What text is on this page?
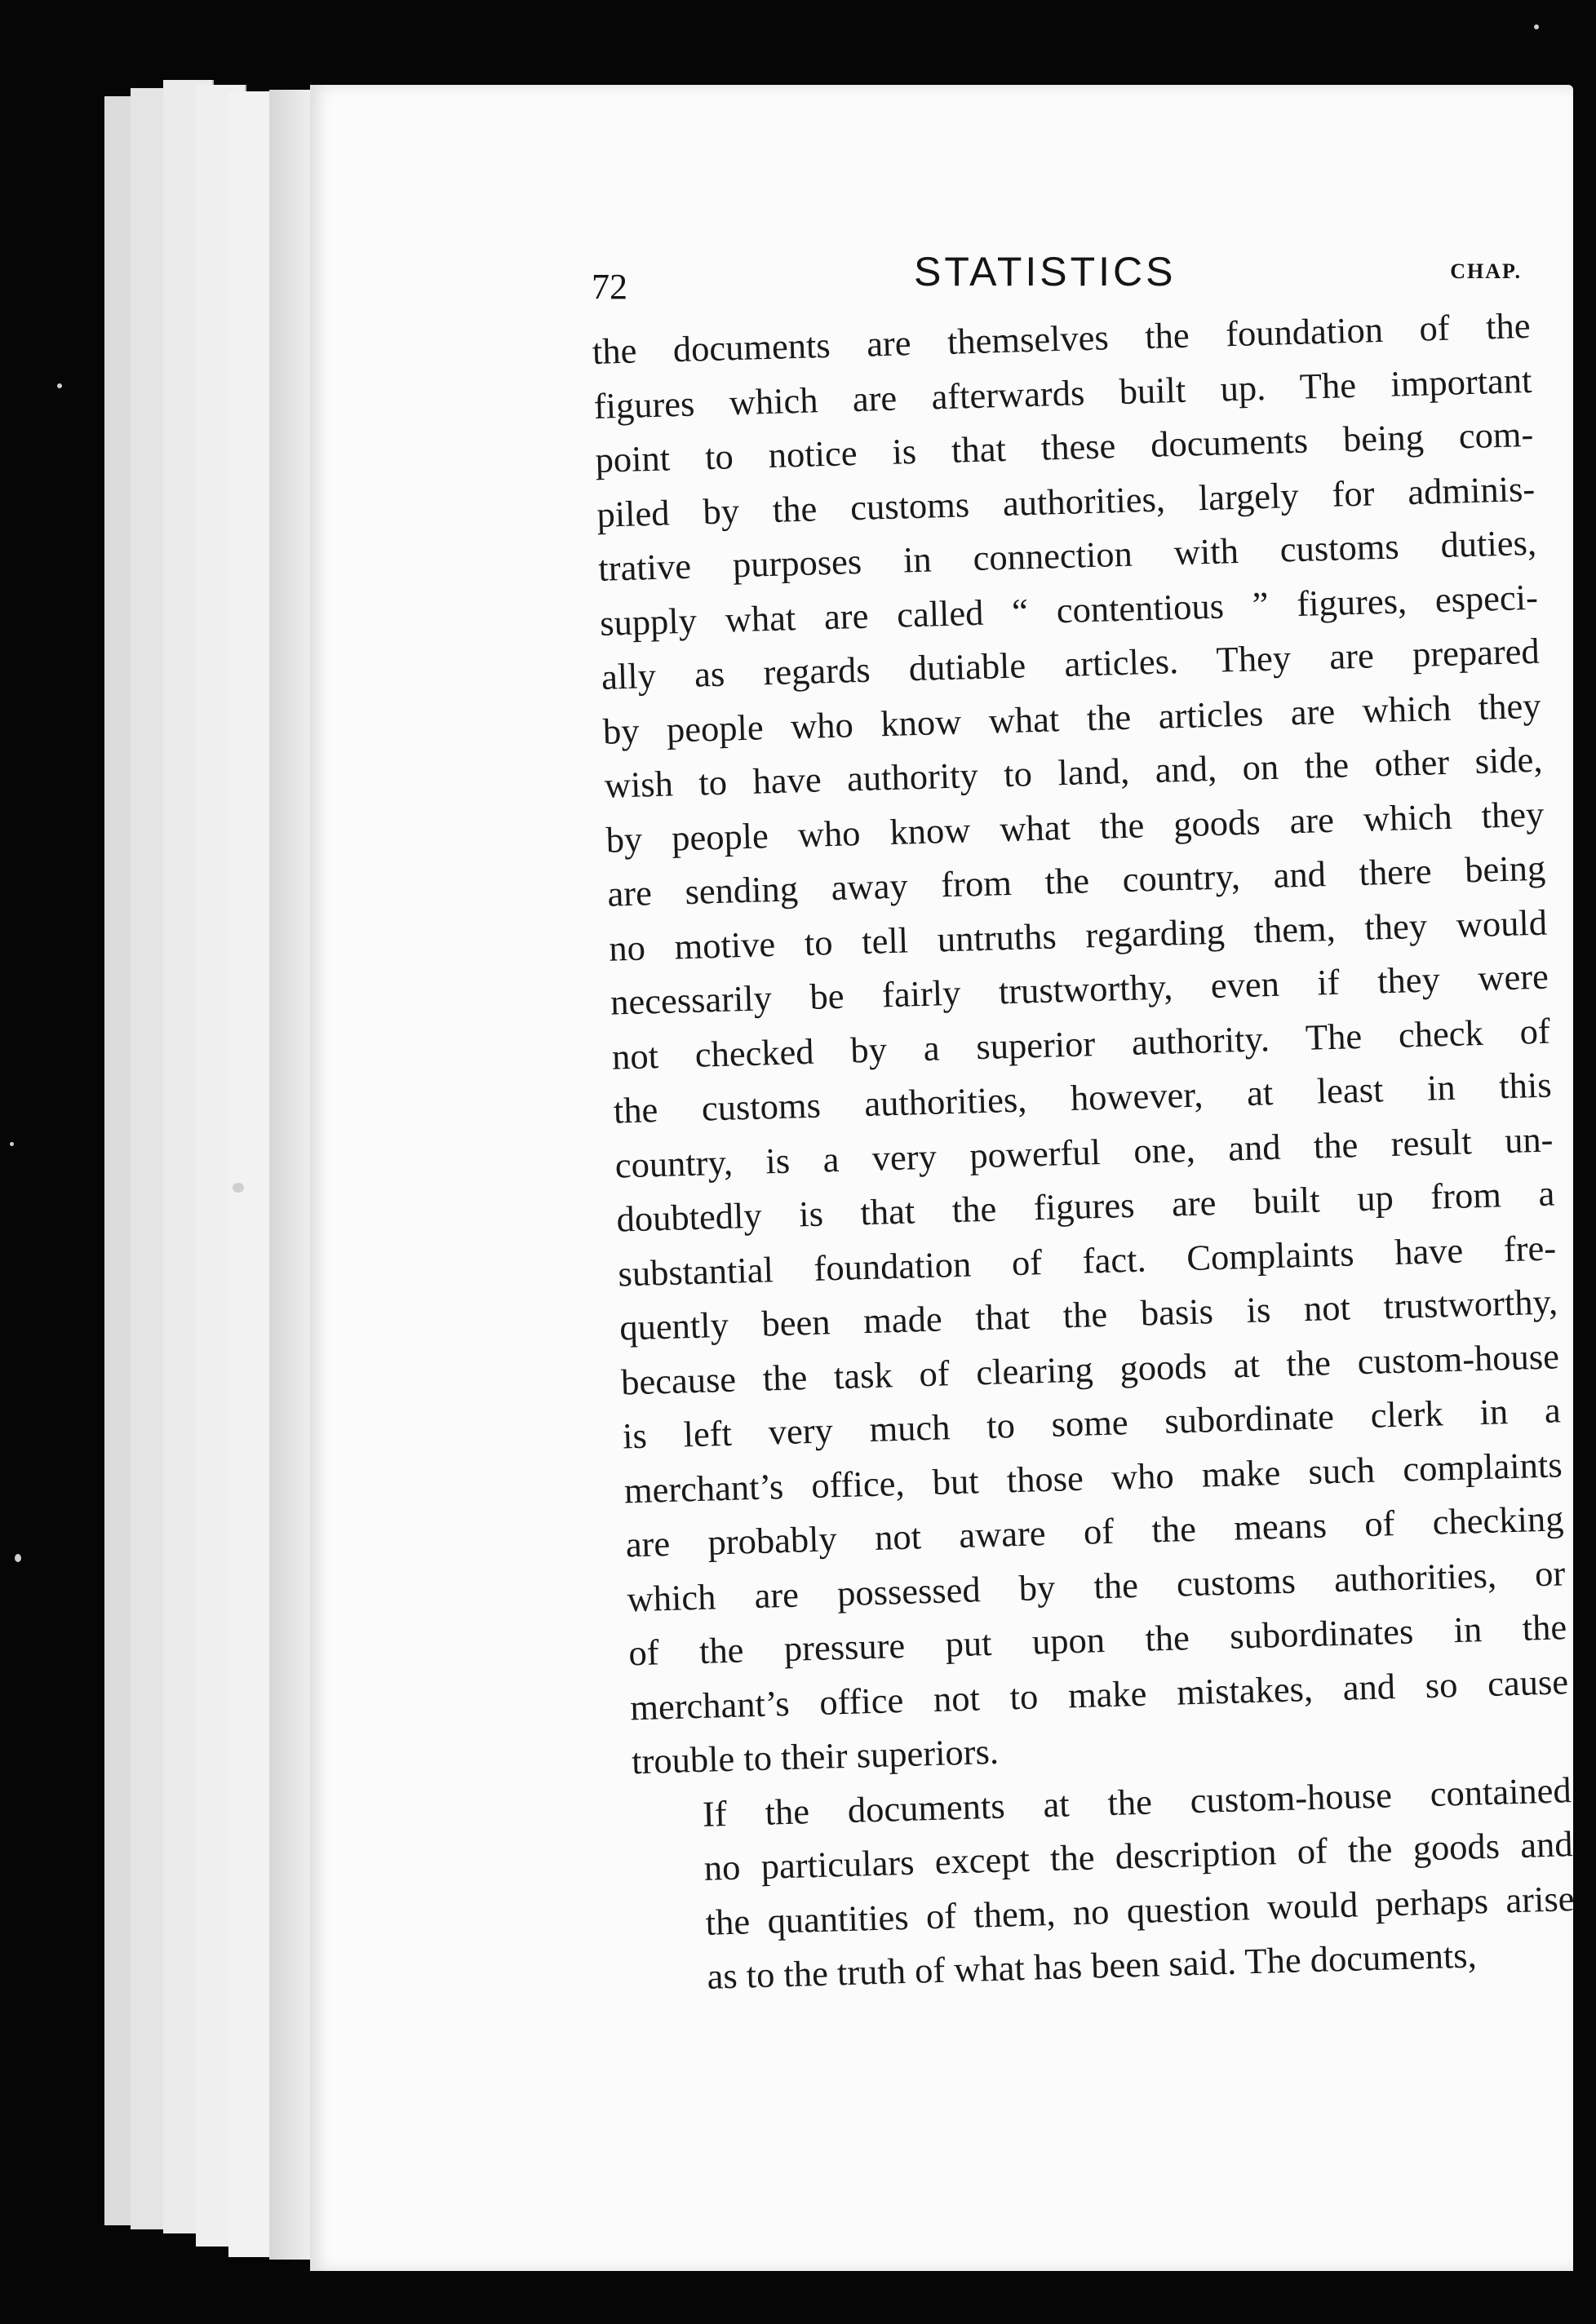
72	STATISTICS	CHAP.

the documents are themselves the foundation of the
figures which are afterwards built up. The important
point to notice is that these documents being com-
piled by the customs authorities, largely for adminis-
trative purposes in connection with customs duties,
supply what are called “ contentious ” figures, especi-
ally as regards dutiable articles. They are prepared
by people who know what the articles are which they
wish to have authority to land, and, on the other side,
by people who know what the goods are which they
are sending away from the country, and there being
no motive to tell untruths regarding them, they would
necessarily be fairly trustworthy, even if they were
not checked by a superior authority. The check of
the customs authorities, however, at least in this
country, is a very powerful one, and the result un-
doubtedly is that the figures are built up from a
substantial foundation of fact. Complaints have fre-
quently been made that the basis is not trustworthy,
because the task of clearing goods at the custom-house
is left very much to some subordinate clerk in a
merchant’s office, but those who make such complaints
are probably not aware of the means of checking
which are possessed by the customs authorities, or
of the pressure put upon the subordinates in the
merchant’s office not to make mistakes, and so cause
trouble to their superiors.

If the documents at the custom-house contained
no particulars except the description of the goods and
the quantities of them, no question would perhaps arise
as to the truth of what has been said. The documents,
